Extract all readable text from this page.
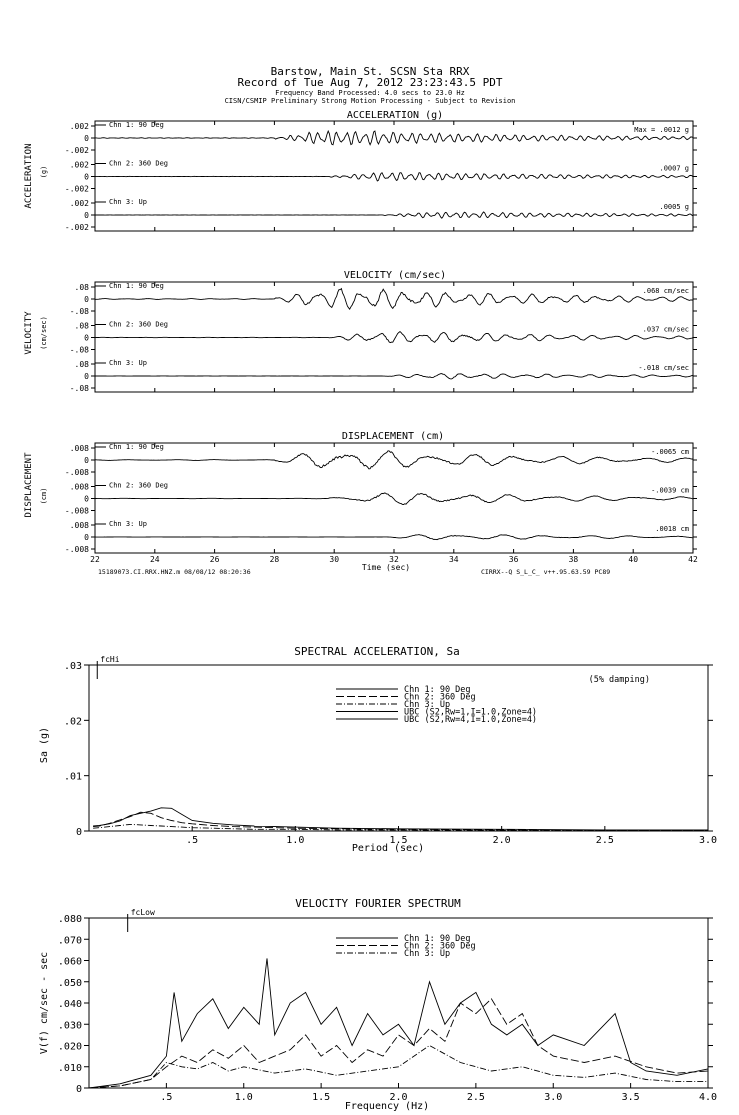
Barstow, Main St. SCSN Sta RRX
Record of Tue Aug 7, 2012 23:23:43.5 PDT
Frequency Band Processed: 4.0 secs to 23.0 Hz
CISN/CSMIP Preliminary Strong Motion Processing - Subject to Revision
ACCELERATION (g)
ACCELERATION (g)
.002
0
-.002
Chn 1: 90 Deg
Max = .0012 g
.002
0
-.002
Chn 2: 360 Deg
.0007 g
.002
0
-.002
Chn 3: Up
.0005 g
VELOCITY (cm/sec)
VELOCITY (cm/sec)
.08
0
-.08
Chn 1: 90 Deg
.068 cm/sec
.08
0
-.08
Chn 2: 360 Deg
.037 cm/sec
.08
0
-.08
Chn 3: Up
-.018 cm/sec
DISPLACEMENT (cm)
DISPLACEMENT (cm)
.008
0
-.008
Chn 1: 90 Deg
-.0065 cm
.008
0
-.008
Chn 2: 360 Deg
-.0039 cm
.008
0
-.008
Chn 3: Up
.0018 cm
22	24	26	28	30	32	34	36	38	40	42
Time (sec)
15189073.CI.RRX.HNZ.m 08/08/12 08:20:36	CIRRX--Q S_L_C_ v++.95.63.59 PC89
SPECTRAL ACCELERATION, Sa
Sa (g)
Period (sec)
(5% damping)
Chn 1: 90 Deg
Chn 2: 360 Deg
Chn 3: Up
UBC (S2,Rw=1,I=1.0,Zone=4)
UBC (S2,Rw=4,I=1.0,Zone=4)
.03
.02
.01
0
.5	1.0	1.5	2.0	2.5	3.0
fcHi
VELOCITY FOURIER SPECTRUM
V(f) cm/sec - sec
Frequency (Hz)
Chn 1: 90 Deg
Chn 2: 360 Deg
Chn 3: Up
.080
.070
.060
.050
.040
.030
.020
.010
0
.5	1.0	1.5	2.0	2.5	3.0	3.5	4.0
fcLow
